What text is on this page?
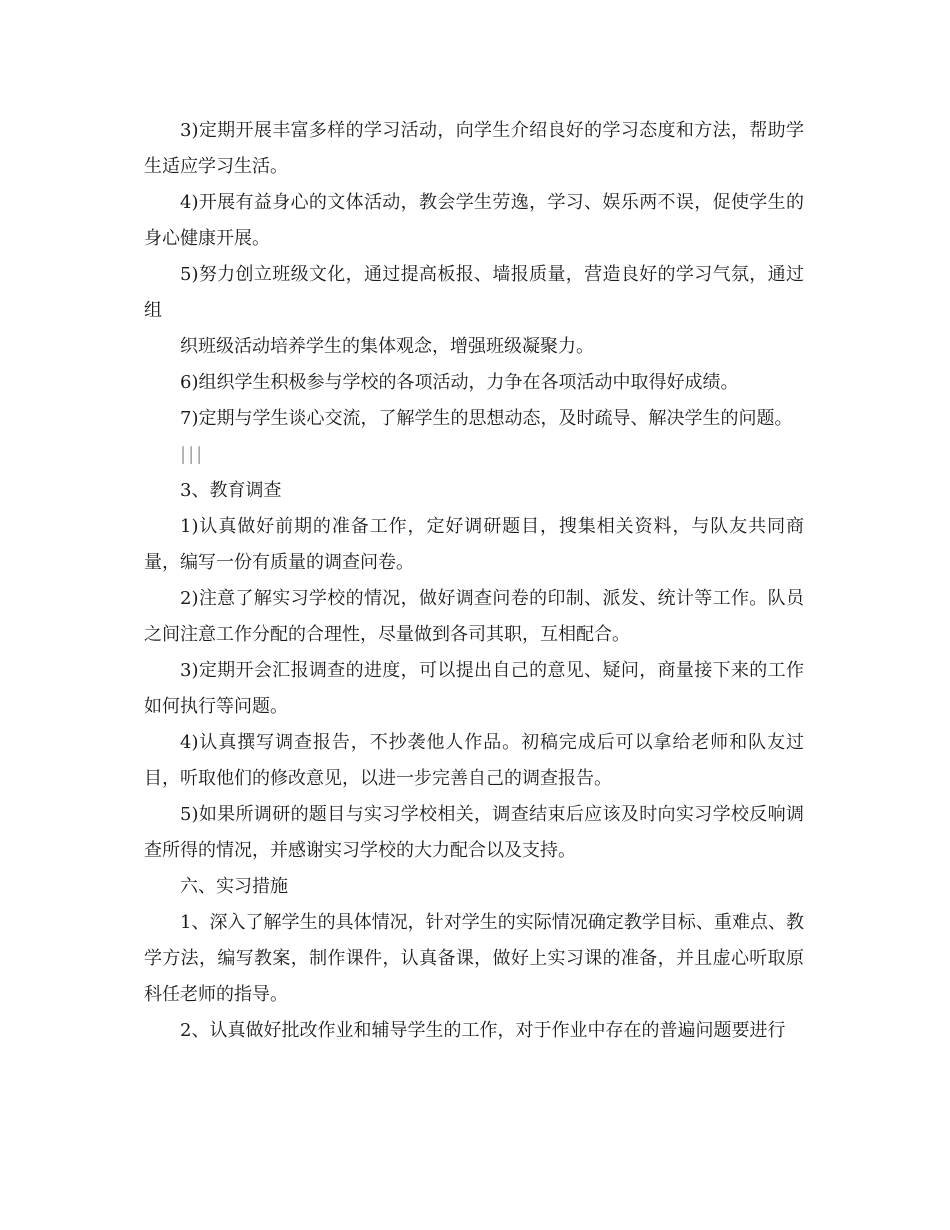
3)定期开展丰富多样的学习活动，向学生介绍良好的学习态度和方法，帮助学生适应学习生活。

4)开展有益身心的文体活动，教会学生劳逸，学习、娱乐两不误，促使学生的身心健康开展。

5)努力创立班级文化，通过提高板报、墙报质量，营造良好的学习气氛，通过组

织班级活动培养学生的集体观念，增强班级凝聚力。

6)组织学生积极参与学校的各项活动，力争在各项活动中取得好成绩。

7)定期与学生谈心交流，了解学生的思想动态，及时疏导、解决学生的问题。

|||

3、教育调查

1)认真做好前期的准备工作，定好调研题目，搜集相关资料，与队友共同商量，编写一份有质量的调查问卷。

2)注意了解实习学校的情况，做好调查问卷的印制、派发、统计等工作。队员之间注意工作分配的合理性，尽量做到各司其职，互相配合。

3)定期开会汇报调查的进度，可以提出自己的意见、疑问，商量接下来的工作如何执行等问题。

4)认真撰写调查报告，不抄袭他人作品。初稿完成后可以拿给老师和队友过目，听取他们的修改意见，以进一步完善自己的调查报告。

5)如果所调研的题目与实习学校相关，调查结束后应该及时向实习学校反响调查所得的情况，并感谢实习学校的大力配合以及支持。

六、实习措施

1、深入了解学生的具体情况，针对学生的实际情况确定教学目标、重难点、教学方法，编写教案，制作课件，认真备课，做好上实习课的准备，并且虚心听取原科任老师的指导。

2、认真做好批改作业和辅导学生的工作，对于作业中存在的普遍问题要进行
